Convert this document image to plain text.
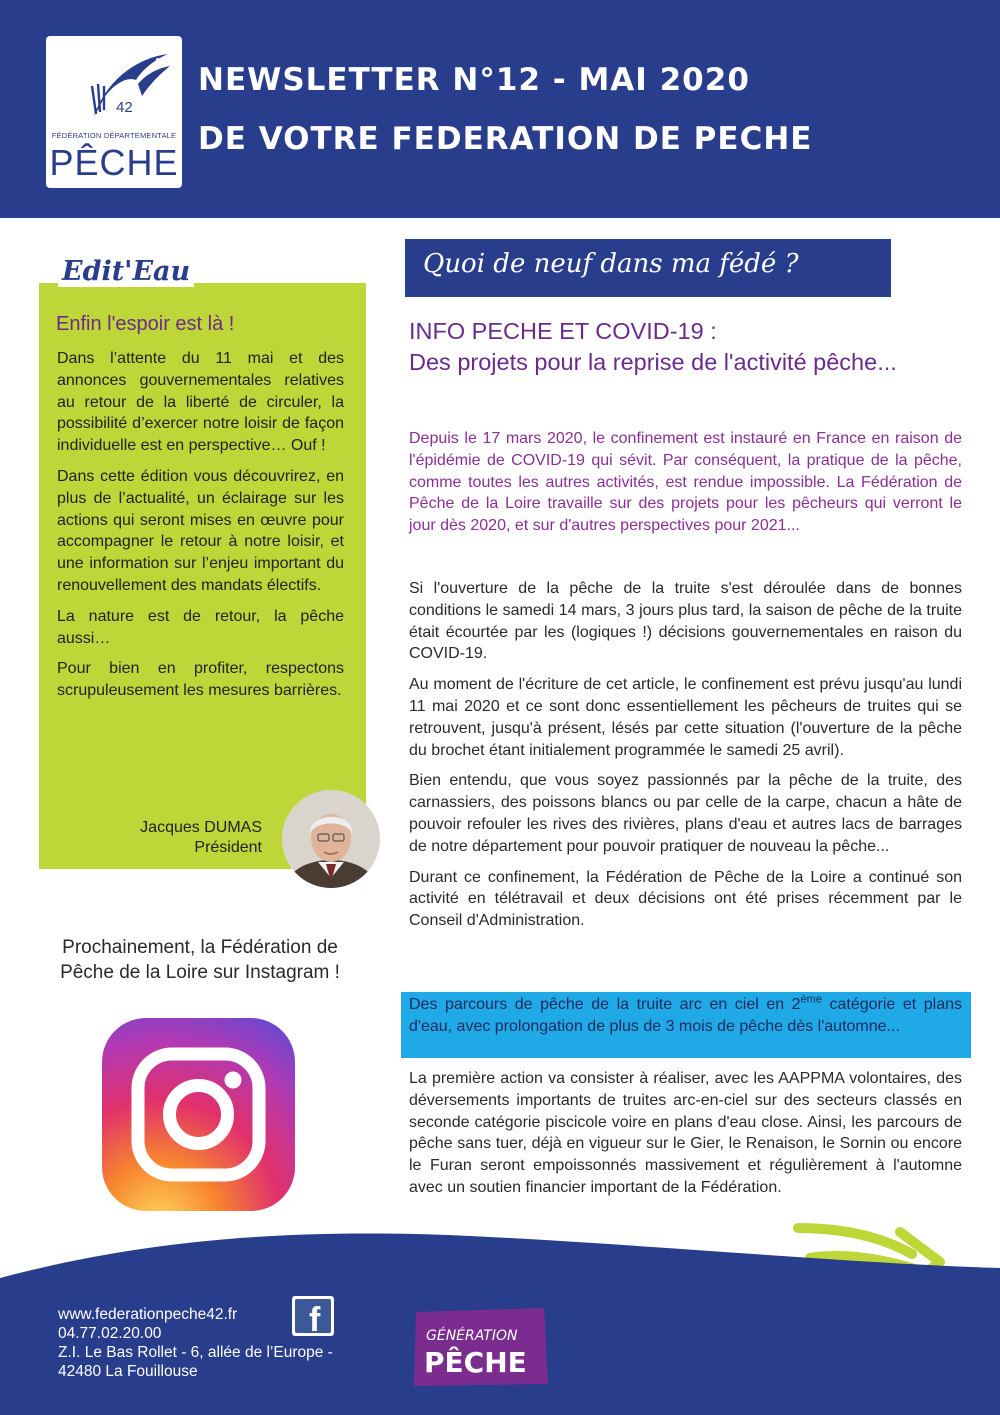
42
FÉDÉRATION DÉPARTEMENTALE
PÊCHE
NEWSLETTER N°12 - MAI 2020
DE VOTRE FEDERATION DE PECHE
Edit'Eau
Enfin l'espoir est là !

Dans l’attente du 11 mai et des annonces gouvernementales relatives au retour de la liberté de circuler, la possibilité d’exercer notre loisir de façon individuelle est en perspective… Ouf !

Dans cette édition vous découvrirez, en plus de l’actualité, un éclairage sur les actions qui seront mises en œuvre pour accompagner le retour à notre loisir, et une information sur l’enjeu important du renouvellement des mandats électifs.

La nature est de retour, la pêche aussi…

Pour bien en profiter, respectons scrupuleusement les mesures barrières.

Jacques DUMAS
Président
Prochainement, la Fédération de Pêche de la Loire sur Instagram !
Quoi de neuf dans ma fédé ?
INFO PECHE ET COVID-19 :
Des projets pour la reprise de l'activité pêche...
Depuis le 17 mars 2020, le confinement est instauré en France en raison de l'épidémie de COVID-19 qui sévit. Par conséquent, la pratique de la pêche, comme toutes les autres activités, est rendue impossible. La Fédération de Pêche de la Loire travaille sur des projets pour les pêcheurs qui verront le jour dès 2020, et sur d'autres perspectives pour 2021...

Si l'ouverture de la pêche de la truite s'est déroulée dans de bonnes conditions le samedi 14 mars, 3 jours plus tard, la saison de pêche de la truite était écourtée par les (logiques !) décisions gouvernementales en raison du COVID-19.

Au moment de l'écriture de cet article, le confinement est prévu jusqu'au lundi 11 mai 2020 et ce sont donc essentiellement les pêcheurs de truites qui se retrouvent, jusqu'à présent, lésés par cette situation (l'ouverture de la pêche du brochet étant initialement programmée le samedi 25 avril).

Bien entendu, que vous soyez passionnés par la pêche de la truite, des carnassiers, des poissons blancs ou par celle de la carpe, chacun a hâte de pouvoir refouler les rives des rivières, plans d'eau et autres lacs de barrages de notre département pour pouvoir pratiquer de nouveau la pêche...

Durant ce confinement, la Fédération de Pêche de la Loire a continué son activité en télétravail et deux décisions ont été prises récemment par le Conseil d'Administration.

Des parcours de pêche de la truite arc en ciel en 2ème catégorie et plans d'eau, avec prolongation de plus de 3 mois de pêche dès l'automne...
La première action va consister à réaliser, avec les AAPPMA volontaires, des déversements importants de truites arc-en-ciel sur des secteurs classés en seconde catégorie piscicole voire en plans d'eau close. Ainsi, les parcours de pêche sans tuer, déjà en vigueur sur le Gier, le Renaison, le Sornin ou encore le Furan seront empoissonnés massivement et régulièrement à l'automne avec un soutien financier important de la Fédération.
www.federationpeche42.fr
04.77.02.20.00
Z.I. Le Bas Rollet - 6, allée de l’Europe -
42480 La Fouillouse
f	GÉNÉRATION
PÊCHE
